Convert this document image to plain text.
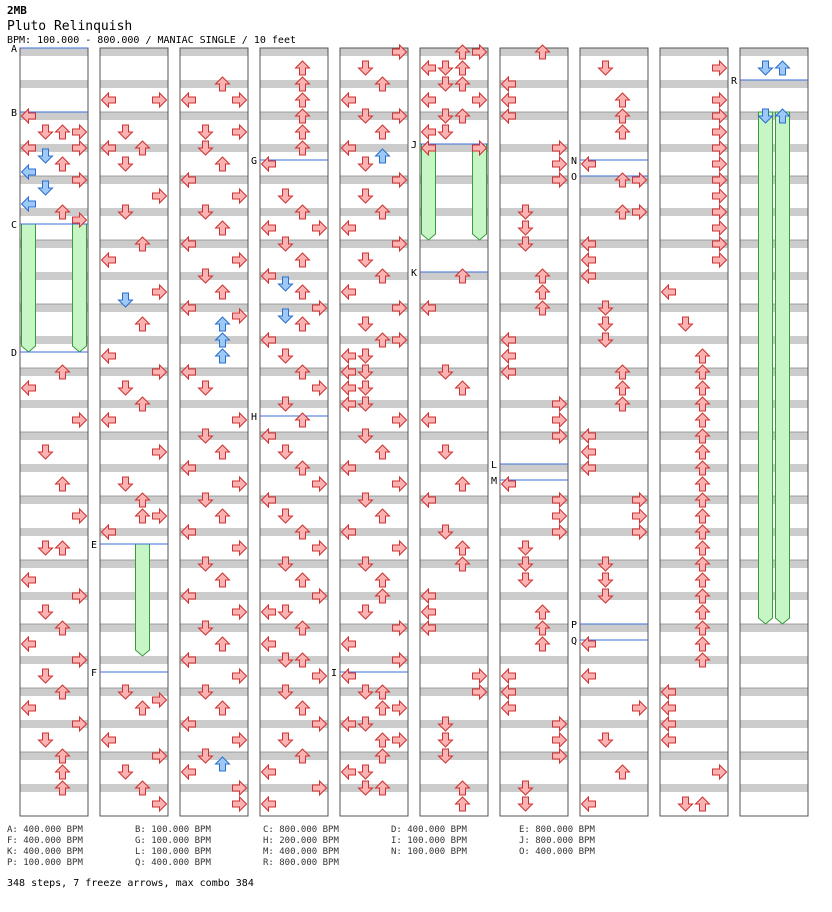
2MB
Pluto Relinquish
BPM: 100.000 - 800.000 / MANIAC SINGLE / 10 feet
A
B
C
D
E
F
G
H
I
J
K
L
M
N
O
P
Q
R
A: 400.000 BPM	B: 100.000 BPM	C: 800.000 BPM	D: 400.000 BPM	E: 800.000 BPM
F: 400.000 BPM	G: 100.000 BPM	H: 200.000 BPM	I: 100.000 BPM	J: 800.000 BPM
K: 400.000 BPM	L: 100.000 BPM	M: 400.000 BPM	N: 100.000 BPM	O: 400.000 BPM
P: 100.000 BPM	Q: 400.000 BPM	R: 800.000 BPM
348 steps, 7 freeze arrows, max combo 384
